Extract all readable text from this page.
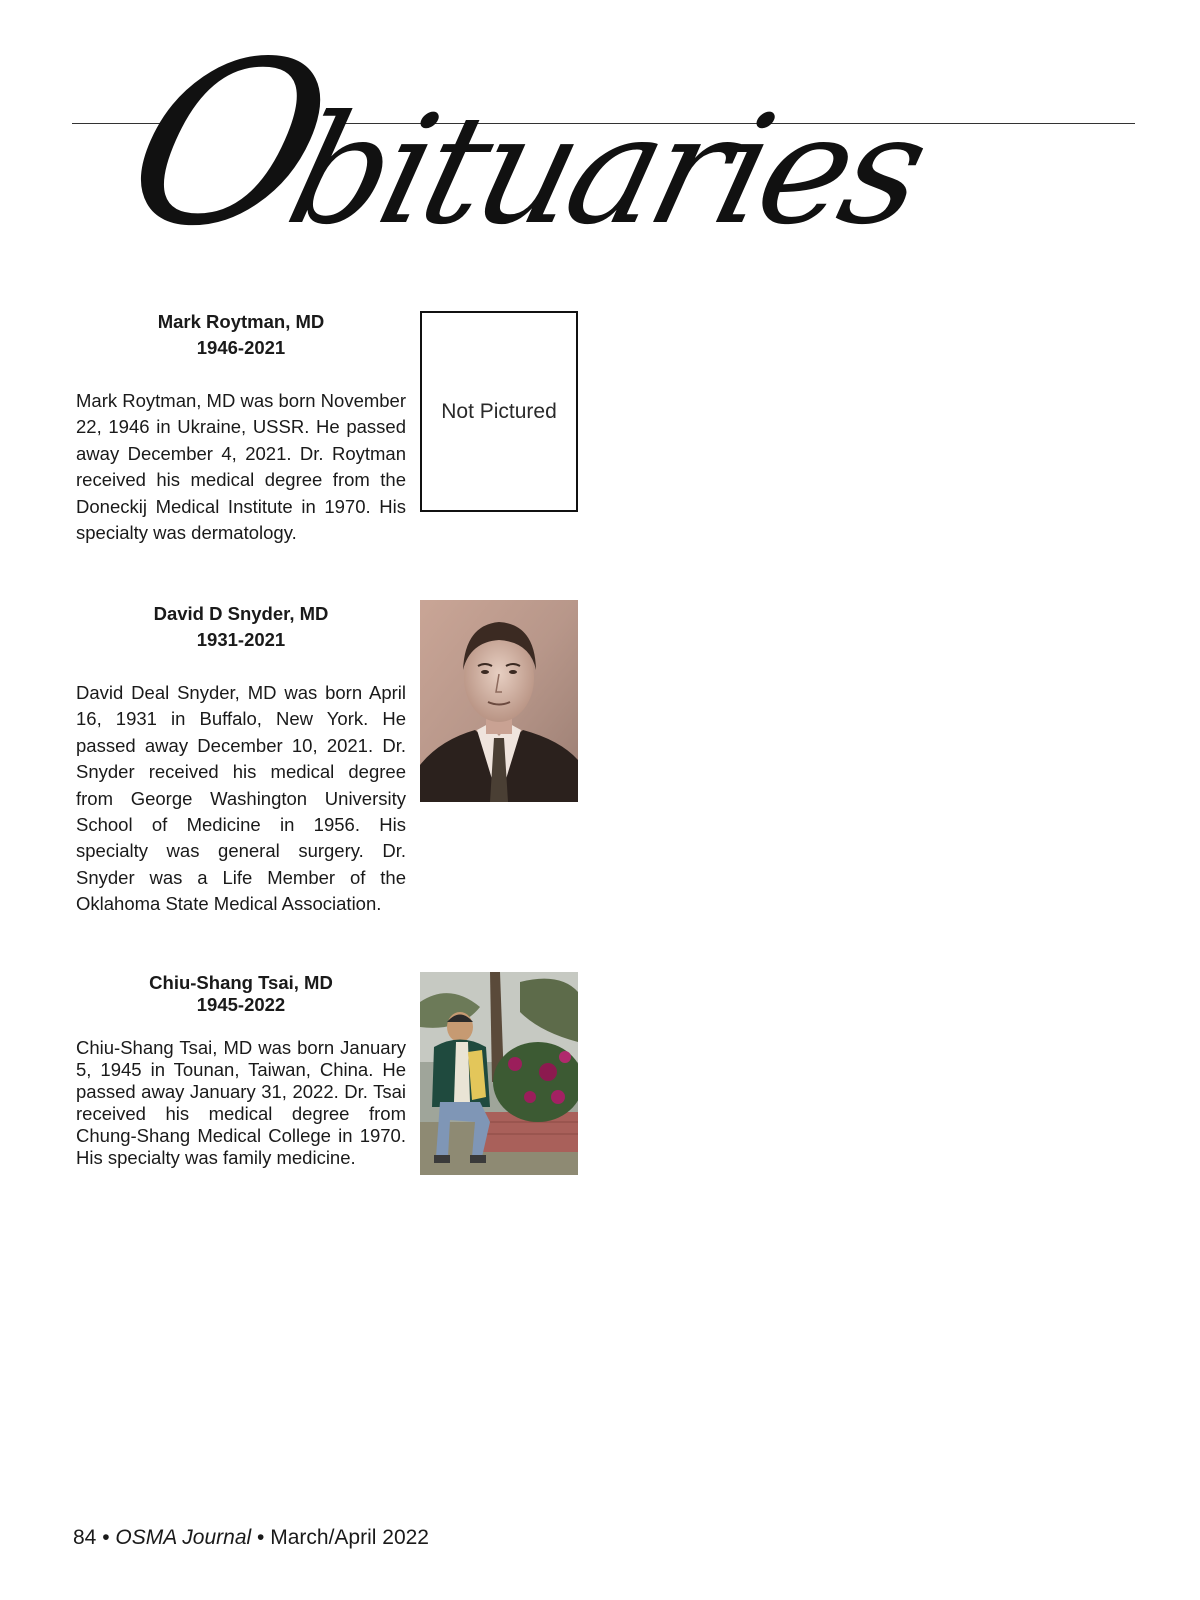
Obituaries

Mark Roytman, MD

1946-2021

Mark Roytman, MD was born November 22, 1946 in Ukraine, USSR. He passed away December 4, 2021. Dr. Roytman received his medical degree from the Doneckij Medical Institute in 1970. His specialty was dermatology.

Not Pictured

David D Snyder, MD

1931-2021

David Deal Snyder, MD was born April 16, 1931 in Buffalo, New York. He passed away December 10, 2021. Dr. Snyder received his medical degree from George Washington University School of Medicine in 1956. His specialty was general surgery. Dr. Snyder was a Life Member of the Oklahoma State Medical Association.

Chiu-Shang Tsai, MD

1945-2022

Chiu-Shang Tsai, MD was born January 5, 1945 in Tounan, Taiwan, China. He passed away January 31, 2022. Dr. Tsai received his medical degree from Chung-Shang Medical College in 1970. His specialty was family medicine.

84 • OSMA Journal • March/April 2022
